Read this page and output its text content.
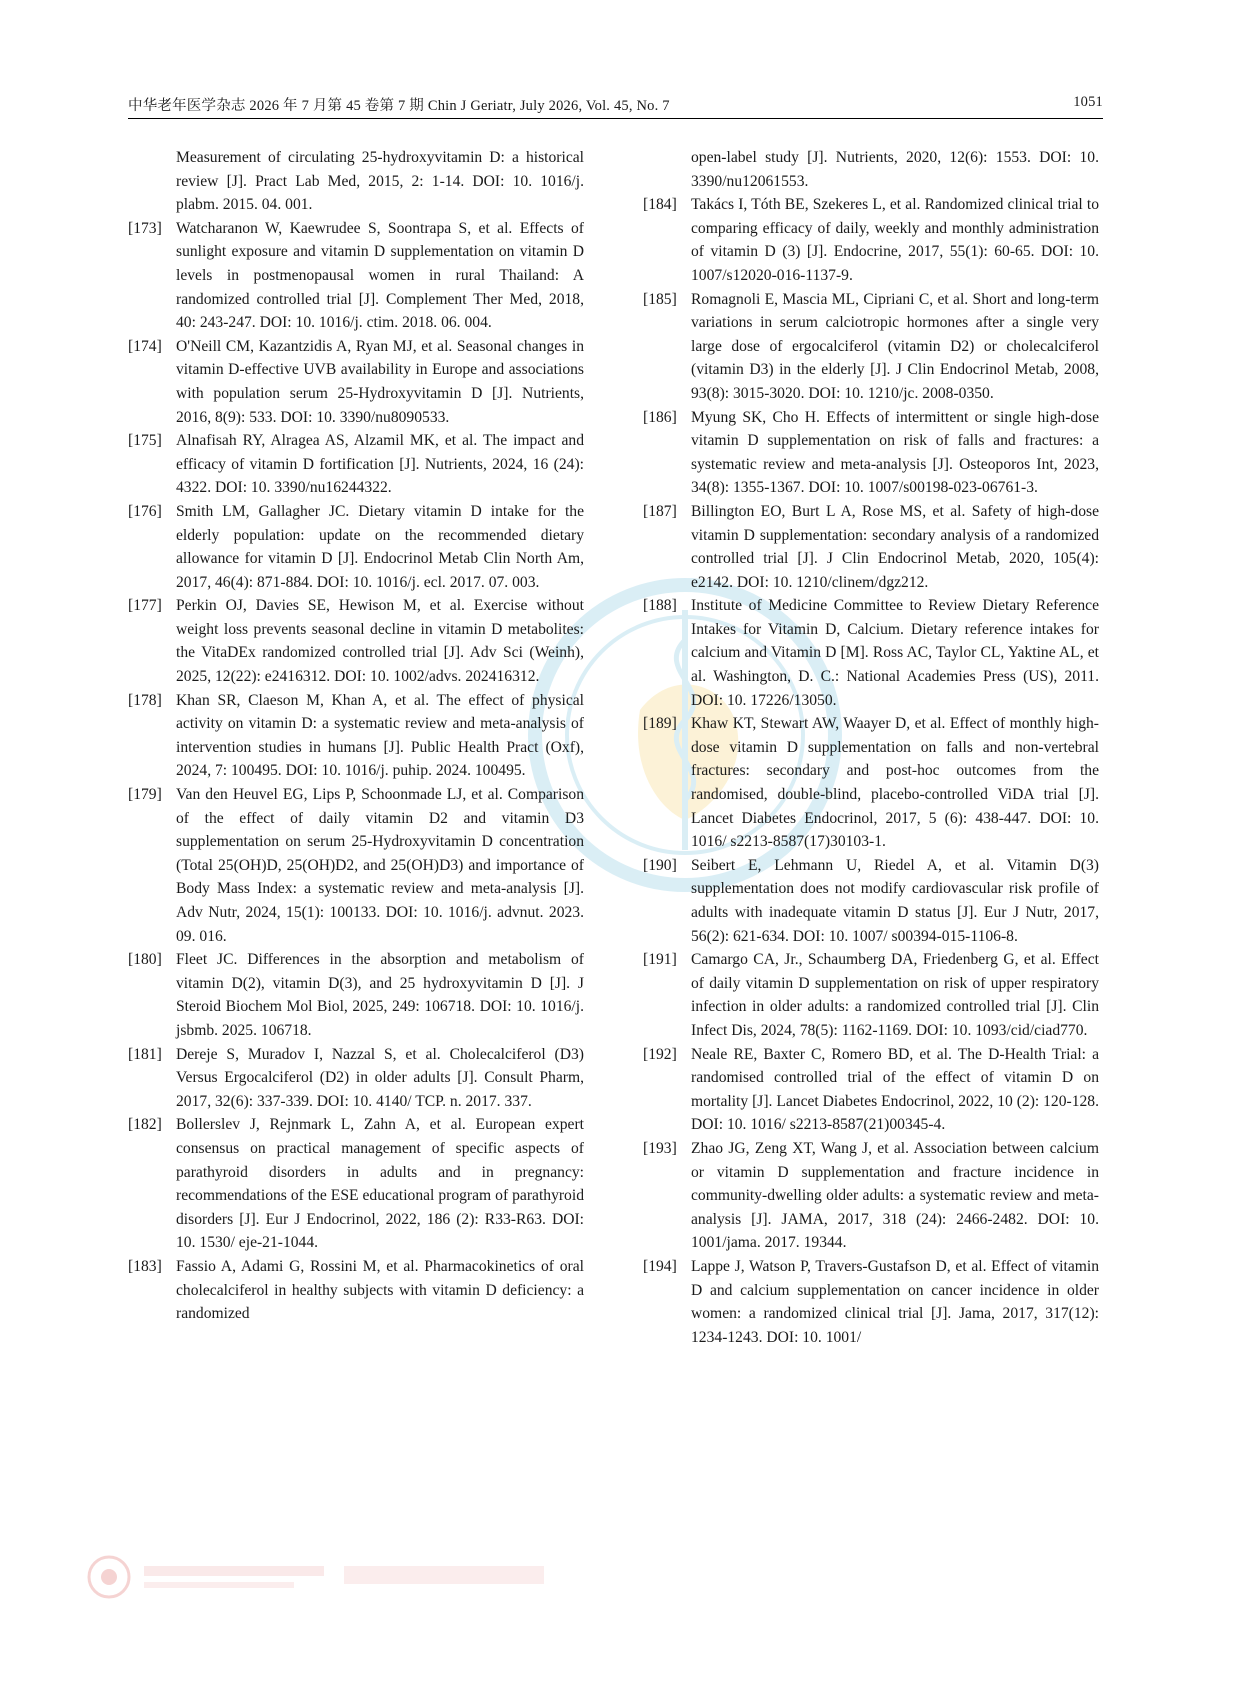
中华老年医学杂志 2026 年 7 月第 45 卷第 7 期 Chin J Geriatr, July 2026, Vol. 45, No. 7	1051
Measurement of circulating 25-hydroxyvitamin D: a historical review [J]. Pract Lab Med, 2015, 2: 1-14. DOI: 10. 1016/j. plabm. 2015. 04. 001.
[173] Watcharanon W, Kaewrudee S, Soontrapa S, et al. Effects of sunlight exposure and vitamin D supplementation on vitamin D levels in postmenopausal women in rural Thailand: A randomized controlled trial [J]. Complement Ther Med, 2018, 40: 243-247. DOI: 10. 1016/j. ctim. 2018. 06. 004.
[174] O'Neill CM, Kazantzidis A, Ryan MJ, et al. Seasonal changes in vitamin D-effective UVB availability in Europe and associations with population serum 25-Hydroxyvitamin D [J]. Nutrients, 2016, 8(9): 533. DOI: 10. 3390/nu8090533.
[175] Alnafisah RY, Alragea AS, Alzamil MK, et al. The impact and efficacy of vitamin D fortification [J]. Nutrients, 2024, 16 (24): 4322. DOI: 10. 3390/nu16244322.
[176] Smith LM, Gallagher JC. Dietary vitamin D intake for the elderly population: update on the recommended dietary allowance for vitamin D [J]. Endocrinol Metab Clin North Am, 2017, 46(4): 871-884. DOI: 10. 1016/j. ecl. 2017. 07. 003.
[177] Perkin OJ, Davies SE, Hewison M, et al. Exercise without weight loss prevents seasonal decline in vitamin D metabolites: the VitaDEx randomized controlled trial [J]. Adv Sci (Weinh), 2025, 12(22): e2416312. DOI: 10. 1002/advs. 202416312.
[178] Khan SR, Claeson M, Khan A, et al. The effect of physical activity on vitamin D: a systematic review and meta-analysis of intervention studies in humans [J]. Public Health Pract (Oxf), 2024, 7: 100495. DOI: 10. 1016/j. puhip. 2024. 100495.
[179] Van den Heuvel EG, Lips P, Schoonmade LJ, et al. Comparison of the effect of daily vitamin D2 and vitamin D3 supplementation on serum 25-Hydroxyvitamin D concentration (Total 25(OH)D, 25(OH)D2, and 25(OH)D3) and importance of Body Mass Index: a systematic review and meta-analysis [J]. Adv Nutr, 2024, 15(1): 100133. DOI: 10. 1016/j. advnut. 2023. 09. 016.
[180] Fleet JC. Differences in the absorption and metabolism of vitamin D(2), vitamin D(3), and 25 hydroxyvitamin D [J]. J Steroid Biochem Mol Biol, 2025, 249: 106718. DOI: 10. 1016/j. jsbmb. 2025. 106718.
[181] Dereje S, Muradov I, Nazzal S, et al. Cholecalciferol (D3) Versus Ergocalciferol (D2) in older adults [J]. Consult Pharm, 2017, 32(6): 337-339. DOI: 10. 4140/ TCP. n. 2017. 337.
[182] Bollerslev J, Rejnmark L, Zahn A, et al. European expert consensus on practical management of specific aspects of parathyroid disorders in adults and in pregnancy: recommendations of the ESE educational program of parathyroid disorders [J]. Eur J Endocrinol, 2022, 186 (2): R33-R63. DOI: 10. 1530/ eje-21-1044.
[183] Fassio A, Adami G, Rossini M, et al. Pharmacokinetics of oral cholecalciferol in healthy subjects with vitamin D deficiency: a randomized
open-label study [J]. Nutrients, 2020, 12(6): 1553. DOI: 10. 3390/nu12061553.
[184] Takács I, Tóth BE, Szekeres L, et al. Randomized clinical trial to comparing efficacy of daily, weekly and monthly administration of vitamin D (3) [J]. Endocrine, 2017, 55(1): 60-65. DOI: 10. 1007/s12020-016-1137-9.
[185] Romagnoli E, Mascia ML, Cipriani C, et al. Short and long-term variations in serum calciotropic hormones after a single very large dose of ergocalciferol (vitamin D2) or cholecalciferol (vitamin D3) in the elderly [J]. J Clin Endocrinol Metab, 2008, 93(8): 3015-3020. DOI: 10. 1210/jc. 2008-0350.
[186] Myung SK, Cho H. Effects of intermittent or single high-dose vitamin D supplementation on risk of falls and fractures: a systematic review and meta-analysis [J]. Osteoporos Int, 2023, 34(8): 1355-1367. DOI: 10. 1007/s00198-023-06761-3.
[187] Billington EO, Burt L A, Rose MS, et al. Safety of high-dose vitamin D supplementation: secondary analysis of a randomized controlled trial [J]. J Clin Endocrinol Metab, 2020, 105(4): e2142. DOI: 10. 1210/clinem/dgz212.
[188] Institute of Medicine Committee to Review Dietary Reference Intakes for Vitamin D, Calcium. Dietary reference intakes for calcium and Vitamin D [M]. Ross AC, Taylor CL, Yaktine AL, et al. Washington, D. C.: National Academies Press (US), 2011. DOI: 10. 17226/13050.
[189] Khaw KT, Stewart AW, Waayer D, et al. Effect of monthly high-dose vitamin D supplementation on falls and non-vertebral fractures: secondary and post-hoc outcomes from the randomised, double-blind, placebo-controlled ViDA trial [J]. Lancet Diabetes Endocrinol, 2017, 5 (6): 438-447. DOI: 10. 1016/ s2213-8587(17)30103-1.
[190] Seibert E, Lehmann U, Riedel A, et al. Vitamin D(3) supplementation does not modify cardiovascular risk profile of adults with inadequate vitamin D status [J]. Eur J Nutr, 2017, 56(2): 621-634. DOI: 10. 1007/ s00394-015-1106-8.
[191] Camargo CA, Jr., Schaumberg DA, Friedenberg G, et al. Effect of daily vitamin D supplementation on risk of upper respiratory infection in older adults: a randomized controlled trial [J]. Clin Infect Dis, 2024, 78(5): 1162-1169. DOI: 10. 1093/cid/ciad770.
[192] Neale RE, Baxter C, Romero BD, et al. The D-Health Trial: a randomised controlled trial of the effect of vitamin D on mortality [J]. Lancet Diabetes Endocrinol, 2022, 10 (2): 120-128. DOI: 10. 1016/ s2213-8587(21)00345-4.
[193] Zhao JG, Zeng XT, Wang J, et al. Association between calcium or vitamin D supplementation and fracture incidence in community-dwelling older adults: a systematic review and meta-analysis [J]. JAMA, 2017, 318 (24): 2466-2482. DOI: 10. 1001/jama. 2017. 19344.
[194] Lappe J, Watson P, Travers-Gustafson D, et al. Effect of vitamin D and calcium supplementation on cancer incidence in older women: a randomized clinical trial [J]. Jama, 2017, 317(12): 1234-1243. DOI: 10. 1001/
